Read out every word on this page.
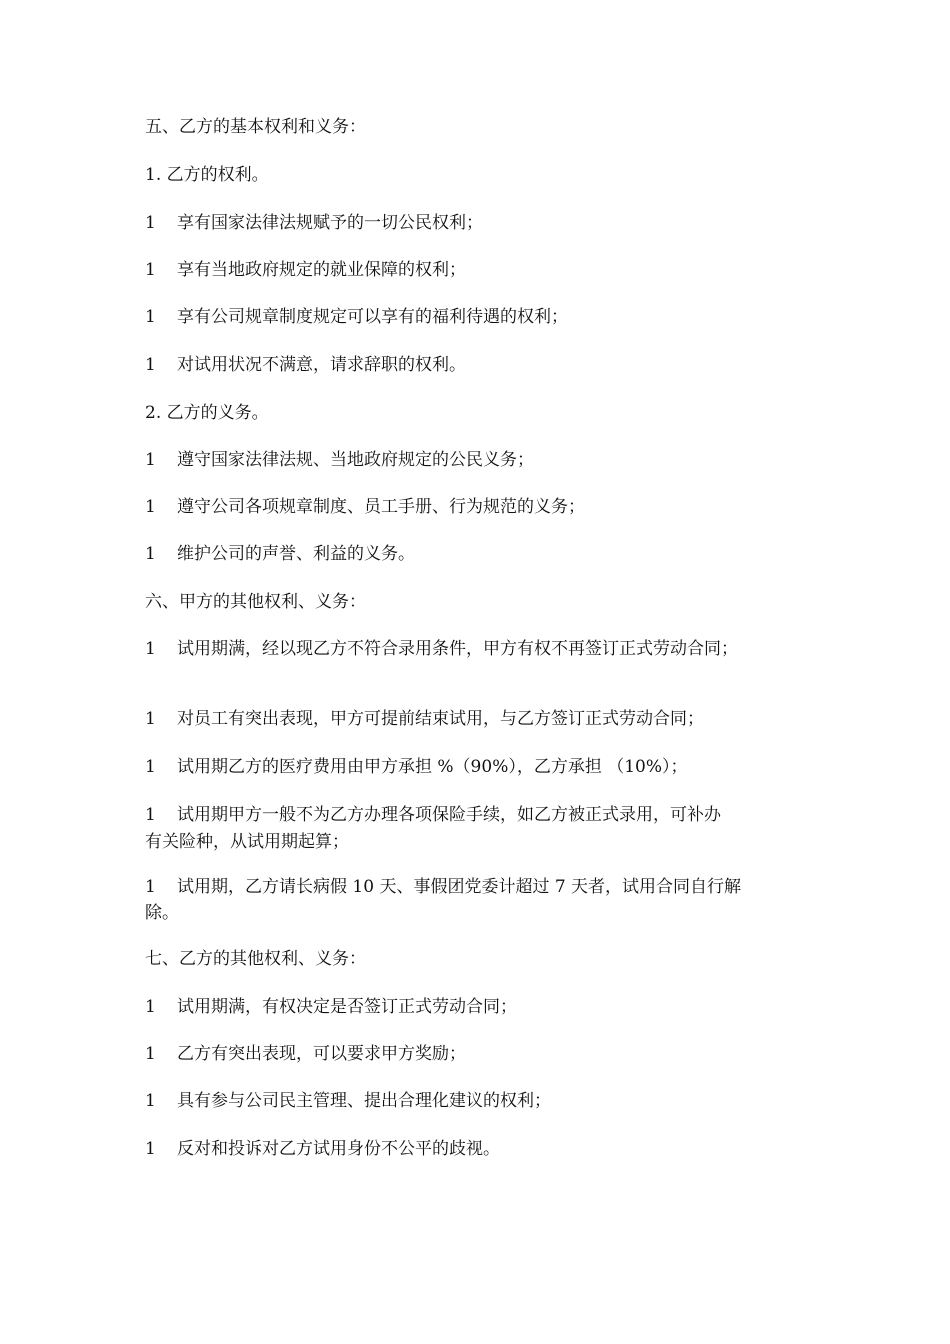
五、乙方的基本权利和义务：
1. 乙方的权利。
1 享有国家法律法规赋予的一切公民权利；
1 享有当地政府规定的就业保障的权利；
1 享有公司规章制度规定可以享有的福利待遇的权利；
1 对试用状况不满意，请求辞职的权利。
2. 乙方的义务。
1 遵守国家法律法规、当地政府规定的公民义务；
1 遵守公司各项规章制度、员工手册、行为规范的义务；
1 维护公司的声誉、利益的义务。
六、甲方的其他权利、义务：
1 试用期满，经以现乙方不符合录用条件，甲方有权不再签订正式劳动合同；
1 对员工有突出表现，甲方可提前结束试用，与乙方签订正式劳动合同；
1 试用期乙方的医疗费用由甲方承担 %（90%），乙方承担 （10%）；
1 试用期甲方一般不为乙方办理各项保险手续，如乙方被正式录用，可补办
有关险种，从试用期起算；
1 试用期，乙方请长病假 10 天、事假团党委计超过 7 天者，试用合同自行解
除。
七、乙方的其他权利、义务：
1 试用期满，有权决定是否签订正式劳动合同；
1 乙方有突出表现，可以要求甲方奖励；
1 具有参与公司民主管理、提出合理化建议的权利；
1 反对和投诉对乙方试用身份不公平的歧视。
